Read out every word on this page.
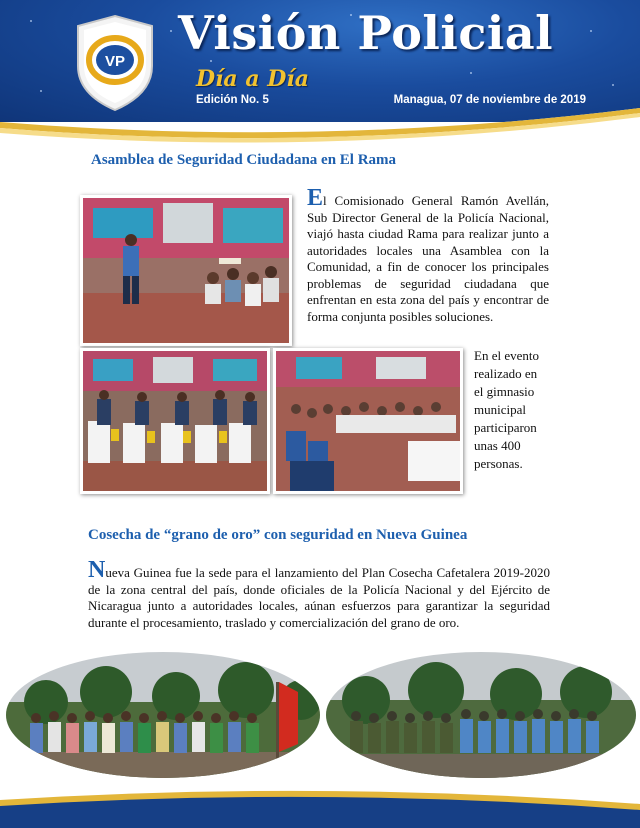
VP
Visión Policial
Día a Día
Edición No. 5	Managua, 07 de noviembre de 2019
Asamblea de Seguridad Ciudadana en El Rama
El Comisionado General Ramón Avellán, Sub Director General de la Policía Nacional, viajó hasta ciudad Rama para realizar junto a autoridades locales una Asamblea con la Comunidad, a fin de conocer los principales problemas de seguridad ciudadana que enfrentan en esta zona del país y encontrar de forma conjunta posibles soluciones.
En el evento
realizado en
el gimnasio
municipal
participaron
unas 400
personas.
Cosecha de “grano de oro” con seguridad en Nueva Guinea
Nueva Guinea fue la sede para el lanzamiento del Plan Cosecha Cafetalera 2019-2020 de la zona central del país, donde oficiales de la Policía Nacional y del Ejército de Nicaragua junto a autoridades locales, aúnan esfuerzos para garantizar la seguridad durante el procesamiento, traslado y comercialización del grano de oro.
